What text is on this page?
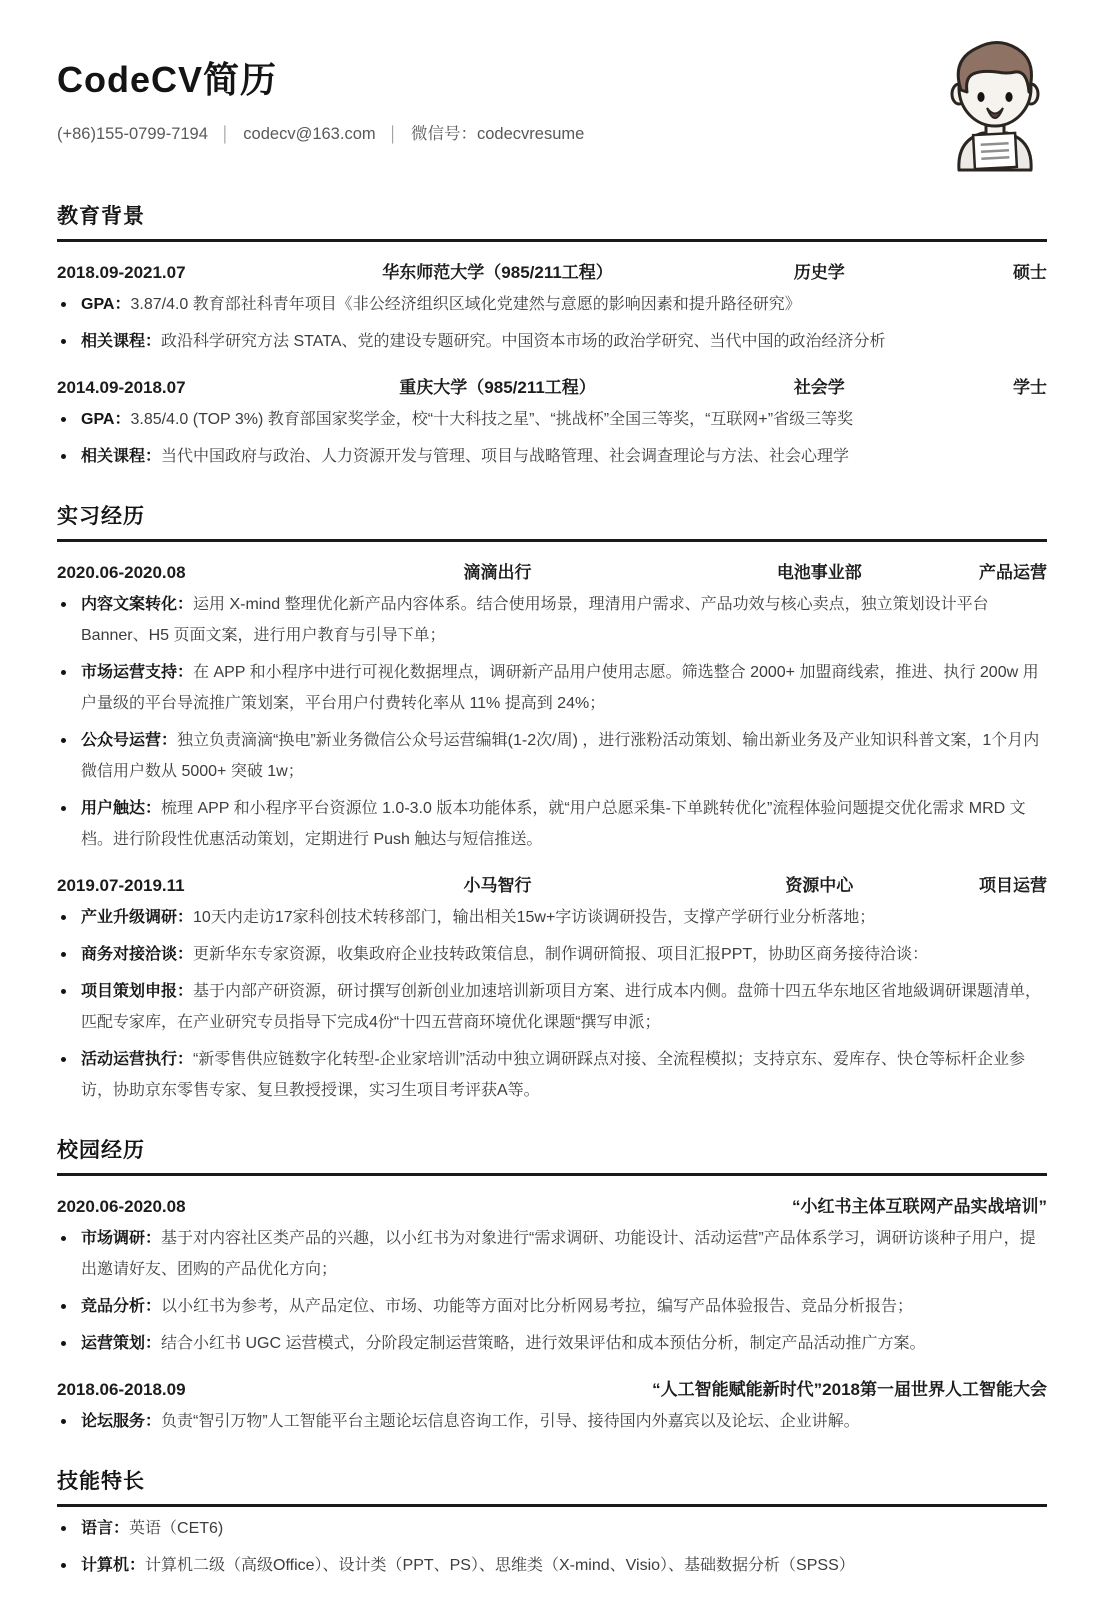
CodeCV简历
(+86)155-0799-7194 │ codecv@163.com │ 微信号：codecvresume
教育背景
2018.09-2021.07	华东师范大学（985/211工程）	历史学	硕士
GPA：3.87/4.0 教育部社科青年项目《非公经济组织区域化党建然与意愿的影响因素和提升路径研究》
相关课程：政沿科学研究方法 STATA、党的建设专题研究。中国资本市场的政治学研究、当代中国的政治经济分析
2014.09-2018.07	重庆大学（985/211工程）	社会学	学士
GPA：3.85/4.0 (TOP 3%) 教育部国家奖学金，校“十大科技之星”、“挑战杯”全国三等奖，“互联网+”省级三等奖
相关课程：当代中国政府与政治、人力资源开发与管理、项目与战略管理、社会调查理论与方法、社会心理学
实习经历
2020.06-2020.08	滴滴出行	电池事业部	产品运营
内容文案转化：运用 X-mind 整理优化新产品内容体系。结合使用场景，理清用户需求、产品功效与核心卖点，独立策划设计平台 Banner、H5 页面文案，进行用户教育与引导下单；
市场运营支持：在 APP 和小程序中进行可视化数据埋点，调研新产品用户使用志愿。筛选整合 2000+ 加盟商线索，推进、执行 200w 用户量级的平台导流推广策划案，平台用户付费转化率从 11% 提高到 24%；
公众号运营：独立负责滴滴“换电”新业务微信公众号运营编辑(1-2次/周) ，进行涨粉活动策划、输出新业务及产业知识科普文案，1个月内微信用户数从 5000+ 突破 1w；
用户触达：梳理 APP 和小程序平台资源位 1.0-3.0 版本功能体系，就“用户总愿采集-下单跳转优化”流程体验问题提交优化需求 MRD 文档。进行阶段性优惠活动策划，定期进行 Push 触达与短信推送。
2019.07-2019.11	小马智行	资源中心	项目运营
产业升级调研：10天内走访17家科创技术转移部门，输出相关15w+字访谈调研投告，支撑产学研行业分析落地；
商务对接洽谈：更新华东专家资源，收集政府企业技转政策信息，制作调研简报、项目汇报PPT，协助区商务接待洽谈：
项目策划申报：基于内部产研资源，研讨撰写创新创业加速培训新项目方案、进行成本内侧。盘筛十四五华东地区省地級调研课题清单，匹配专家库，在产业研究专员指导下完成4份“十四五营商环境优化课题“撰写申派；
活动运营执行：“新零售供应链数字化转型-企业家培训”活动中独立调研踩点对接、全流程模拟；支持京东、爱库存、快仓等标杆企业参访，协助京东零售专家、复旦教授授课，实习生项目考评获A等。
校园经历
2020.06-2020.08	“小红书主体互联网产品实战培训”
市场调研：基于对内容社区类产品的兴趣，以小红书为对象进行“需求调研、功能设计、活动运营”产品体系学习，调研访谈种子用户，提出邀请好友、团购的产品优化方向；
竞品分析：以小红书为参考，从产品定位、市场、功能等方面对比分析网易考拉，编写产品体验报告、竞品分析报告；
运营策划：结合小红书 UGC 运营模式，分阶段定制运营策略，进行效果评估和成本预估分析，制定产品活动推广方案。
2018.06-2018.09	“人工智能赋能新时代”2018第一届世界人工智能大会
论坛服务：负责“智引万物”人工智能平台主题论坛信息咨询工作，引导、接待国内外嘉宾以及论坛、企业讲解。
技能特长
语言：英语（CET6)
计算机：计算机二级（高级Office）、设计类（PPT、PS）、思维类（X-mind、Visio）、基础数据分析（SPSS）
